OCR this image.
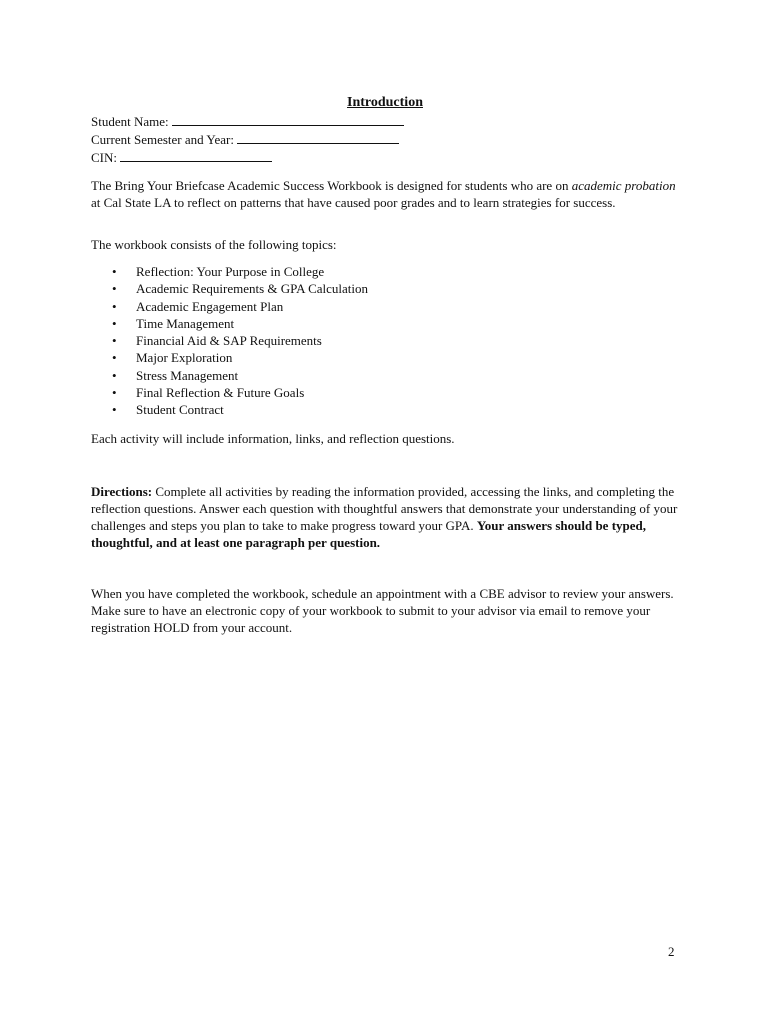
Introduction
Student Name:
Current Semester and Year:
CIN:

The Bring Your Briefcase Academic Success Workbook is designed for students who are on academic probation at Cal State LA to reflect on patterns that have caused poor grades and to learn strategies for success.

The workbook consists of the following topics:

• Reflection: Your Purpose in College
• Academic Requirements & GPA Calculation
• Academic Engagement Plan
• Time Management
• Financial Aid & SAP Requirements
• Major Exploration
• Stress Management
• Final Reflection & Future Goals
• Student Contract

Each activity will include information, links, and reflection questions.

Directions: Complete all activities by reading the information provided, accessing the links, and completing the reflection questions. Answer each question with thoughtful answers that demonstrate your understanding of your challenges and steps you plan to take to make progress toward your GPA. Your answers should be typed, thoughtful, and at least one paragraph per question.

When you have completed the workbook, schedule an appointment with a CBE advisor to review your answers. Make sure to have an electronic copy of your workbook to submit to your advisor via email to remove your registration HOLD from your account.

2
